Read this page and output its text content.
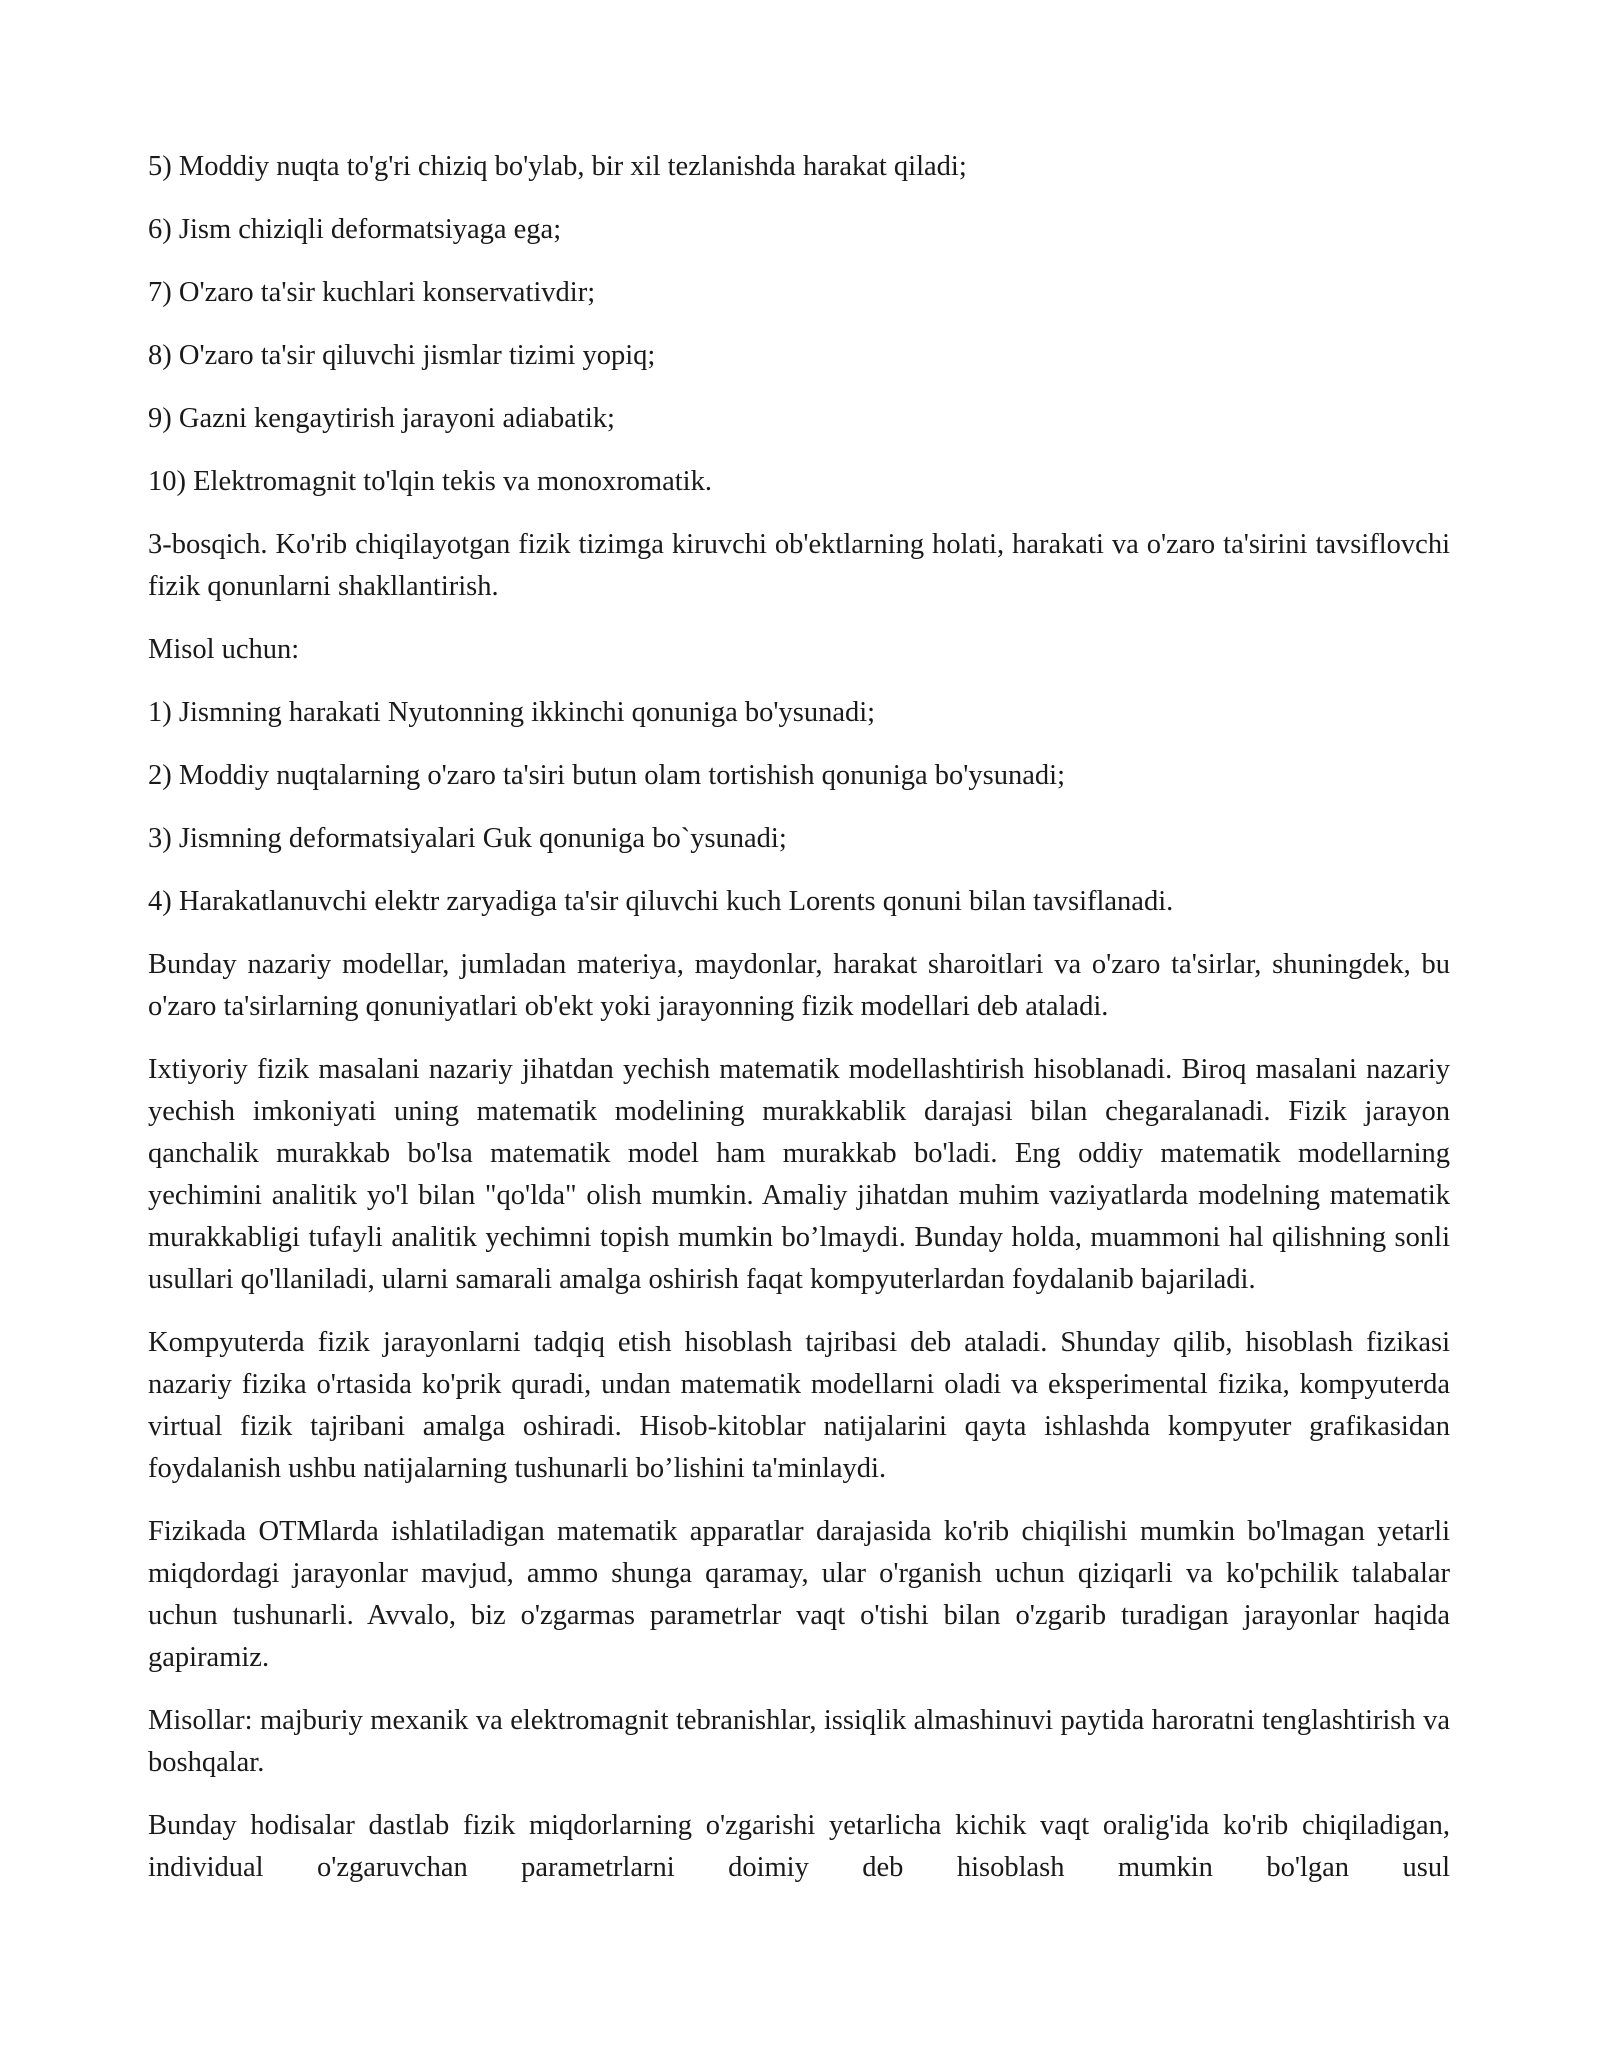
5) Moddiy nuqta to'g'ri chiziq bo'ylab, bir xil tezlanishda harakat qiladi;

6) Jism chiziqli deformatsiyaga ega;

7) O'zaro ta'sir kuchlari konservativdir;

8) O'zaro ta'sir qiluvchi jismlar tizimi yopiq;

9) Gazni kengaytirish jarayoni adiabatik;

10) Elektromagnit to'lqin tekis va monoxromatik.

3-bosqich. Ko'rib chiqilayotgan fizik tizimga kiruvchi ob'ektlarning holati, harakati va o'zaro ta'sirini tavsiflovchi fizik qonunlarni shakllantirish.

Misol uchun:

1) Jismning harakati Nyutonning ikkinchi qonuniga bo'ysunadi;

2) Moddiy nuqtalarning o'zaro ta'siri butun olam tortishish qonuniga bo'ysunadi;

3) Jismning deformatsiyalari Guk qonuniga bo`ysunadi;

4) Harakatlanuvchi elektr zaryadiga ta'sir qiluvchi kuch Lorents qonuni bilan tavsiflanadi.

Bunday nazariy modellar, jumladan materiya, maydonlar, harakat sharoitlari va o'zaro ta'sirlar, shuningdek, bu o'zaro ta'sirlarning qonuniyatlari ob'ekt yoki jarayonning fizik modellari deb ataladi.

Ixtiyoriy fizik masalani nazariy jihatdan yechish matematik modellashtirish hisoblanadi. Biroq masalani nazariy yechish imkoniyati uning matematik modelining murakkablik darajasi bilan chegaralanadi. Fizik jarayon qanchalik murakkab bo'lsa matematik model ham murakkab bo'ladi. Eng oddiy matematik modellarning yechimini analitik yo'l bilan "qo'lda" olish mumkin. Amaliy jihatdan muhim vaziyatlarda modelning matematik murakkabligi tufayli analitik yechimni topish mumkin bo’lmaydi. Bunday holda, muammoni hal qilishning sonli usullari qo'llaniladi, ularni samarali amalga oshirish faqat kompyuterlardan foydalanib bajariladi.

Kompyuterda fizik jarayonlarni tadqiq etish hisoblash tajribasi deb ataladi. Shunday qilib, hisoblash fizikasi nazariy fizika o'rtasida ko'prik quradi, undan matematik modellarni oladi va eksperimental fizika, kompyuterda virtual fizik tajribani amalga oshiradi. Hisob-kitoblar natijalarini qayta ishlashda kompyuter grafikasidan foydalanish ushbu natijalarning tushunarli bo’lishini ta'minlaydi.

Fizikada OTMlarda ishlatiladigan matematik apparatlar darajasida ko'rib chiqilishi mumkin bo'lmagan yetarli miqdordagi jarayonlar mavjud, ammo shunga qaramay, ular o'rganish uchun qiziqarli va ko'pchilik talabalar uchun tushunarli. Avvalo, biz o'zgarmas parametrlar vaqt o'tishi bilan o'zgarib turadigan jarayonlar haqida gapiramiz.

Misollar: majburiy mexanik va elektromagnit tebranishlar, issiqlik almashinuvi paytida haroratni tenglashtirish va boshqalar.

Bunday hodisalar dastlab fizik miqdorlarning o'zgarishi yetarlicha kichik vaqt oralig'ida ko'rib chiqiladigan, individual o'zgaruvchan parametrlarni doimiy deb hisoblash mumkin bo'lgan usul
